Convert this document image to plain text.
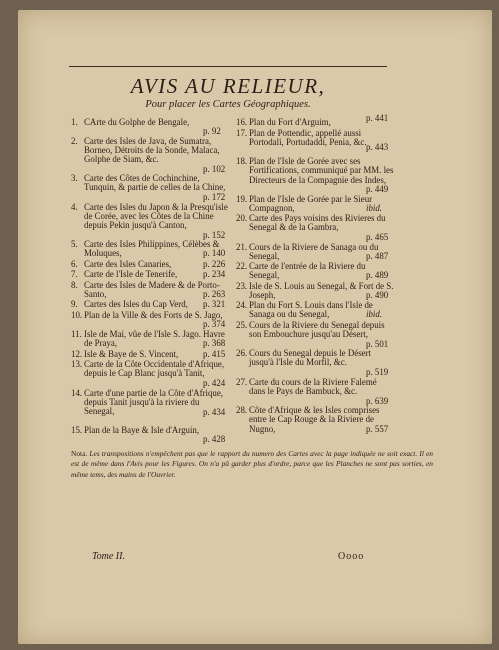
AVIS AU RELIEUR,
Pour placer les Cartes Géographiques.
1. CArte du Golphe de Bengale,
p. 92
2. Carte des Isles de Java, de Sumatra, Borneo, Détroits de la Sonde, Malaca, Golphe de Siam, &c.
p. 102
3. Carte des Côtes de Cochinchine, Tunquin, & partie de celles de la Chine,
p. 172
4. Carte des Isles du Japon & la Presqu'isle de Corée, avec les Côtes de la Chine depuis Pekin jusqu'à Canton,
p. 152
5. Carte des Isles Philippines, Célèbes & Moluques,	p. 140
6. Carte des Isles Canaries,	p. 226
7. Carte de l'Isle de Tenerife,	p. 234
8. Carte des Isles de Madere & de Porto-Santo,	p. 263
9. Cartes des Isles du Cap Verd,	p. 321
10. Plan de la Ville & des Forts de S. Jago,
p. 374
11. Isle de Mai, vûe de l'Isle S. Jago. Havre de Praya,	p. 368
12. Isle & Baye de S. Vincent,	p. 415
13. Carte de la Côte Occidentale d'Afrique, depuis le Cap Blanc jusqu'à Tanit,
p. 424
14. Carte d'une partie de la Côte d'Afrique, depuis Tanit jusqu'à la riviere du Senegal,	p. 434
15. Plan de la Baye & Isle d'Arguin,
p. 428
16. Plan du Fort d'Arguim,	p. 441
17. Plan de Pottendic, appellé aussi Portodali, Portudaddi, Penia, &c. p. 443
18. Plan de l'Isle de Gorée avec ses Fortifications, communiqué par MM. les Directeurs de la Compagnie des Indes,
p. 449
19. Plan de l'Isle de Gorée par le Sieur Compagnon,	ibid.
20. Carte des Pays voisins des Rivieres du Senegal & de la Gambra,
p. 465
21. Cours de la Riviere de Sanaga ou du Senegal,	p. 487
22. Carte de l'entrée de la Riviere du Senegal,	p. 489
23. Isle de S. Louis au Senegal, & Fort de S. Joseph,	p. 490
24. Plan du Fort S. Louis dans l'Isle de Sanaga ou du Senegal,	ibid.
25. Cours de la Riviere du Senegal depuis son Embouchure jusqu'au Désert,
p. 501
26. Cours du Senegal depuis le Désert jusqu'à l'Isle du Morfil, &c.
p. 519
27. Carte du cours de la Riviere Falemé dans le Pays de Bambuck, &c.
p. 639
28. Côte d'Afrique & les Isles comprises entre le Cap Rouge & la Riviere de Nugno,	p. 557
Nota. Les transpositions n'empêchent pas que le rapport du numero des Cartes avec la page indiquée ne soit exact. Il en est de même dans l'Avis pour les Figures. On n'a pû garder plus d'ordre, parce que les Planches ne sont pas sorties, en même tems, des mains de l'Ouvrier.
Tome II.	Oooo
